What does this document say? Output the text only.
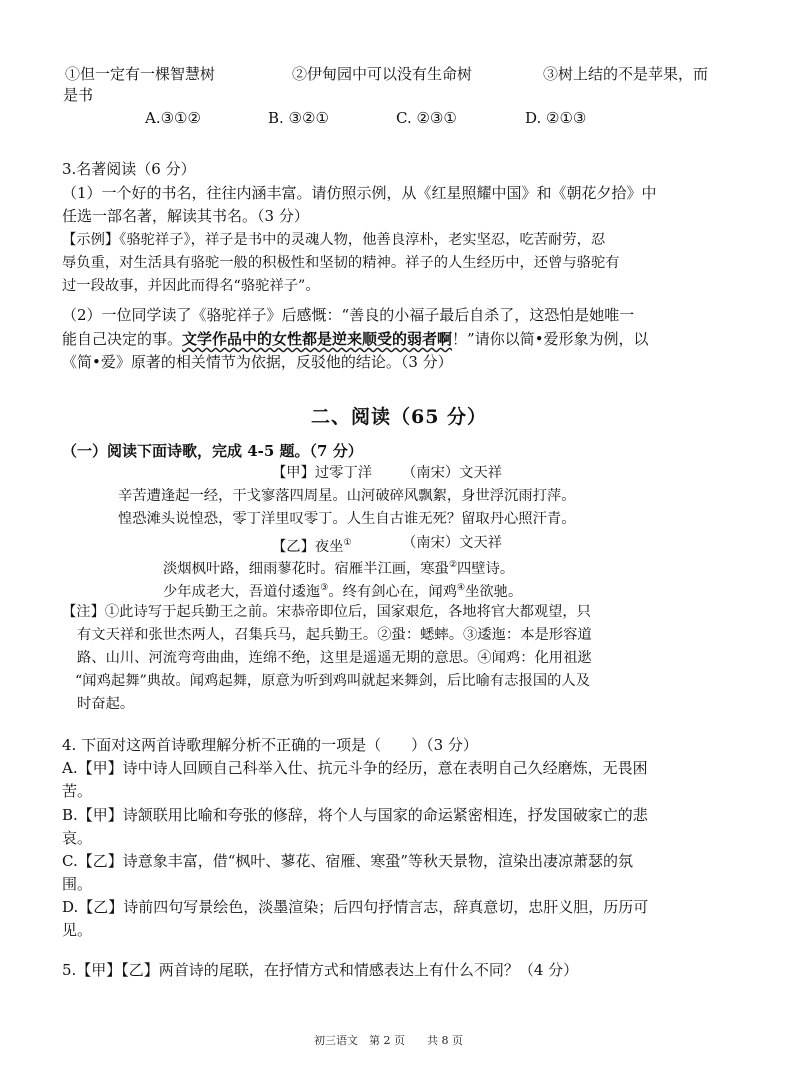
①但一定有一棵智慧树	②伊甸园中可以没有生命树	③树上结的不是苹果，而
是书
A.③①②	B. ③②①	C. ②③①	D. ②①③
3.名著阅读（6 分）
（1）一个好的书名，往往内涵丰富。请仿照示例，从《红星照耀中国》和《朝花夕拾》中
任选一部名著，解读其书名。（3 分）
【示例】《骆驼祥子》，祥子是书中的灵魂人物，他善良淳朴，老实坚忍，吃苦耐劳，忍
辱负重，对生活具有骆驼一般的积极性和坚韧的精神。祥子的人生经历中，还曾与骆驼有
过一段故事，并因此而得名“骆驼祥子”。
（2）一位同学读了《骆驼祥子》后感慨：“善良的小福子最后自杀了，这恐怕是她唯一
能自己决定的事。文学作品中的女性都是逆来顺受的弱者啊！”请你以简•爱形象为例，以
《简•爱》原著的相关情节为依据，反驳他的结论。（3 分）
二、阅读（65 分）
（一）阅读下面诗歌，完成 4-5 题。（7 分）
【甲】过零丁洋 （南宋）文天祥
辛苦遭逢起一经，干戈寥落四周星。山河破碎风飘絮，身世浮沉雨打萍。
惶恐滩头说惶恐，零丁洋里叹零丁。人生自古谁无死？留取丹心照汗青。
【乙】夜坐①	（南宋）文天祥
淡烟枫叶路，细雨蓼花时。宿雁半江画，寒蛩②四壁诗。
少年成老大，吾道付逶迤③。终有剑心在，闻鸡④坐欲驰。
【注】①此诗写于起兵勤王之前。宋恭帝即位后，国家艰危，各地将官大都观望，只
有文天祥和张世杰两人，召集兵马，起兵勤王。②蛩：蟋蟀。③逶迤：本是形容道
路、山川、河流弯弯曲曲，连绵不绝，这里是遥遥无期的意思。④闻鸡：化用祖逖
“闻鸡起舞”典故。闻鸡起舞，原意为听到鸡叫就起来舞剑，后比喻有志报国的人及
时奋起。
4. 下面对这两首诗歌理解分析不正确的一项是（　　）（3 分）
A.【甲】诗中诗人回顾自己科举入仕、抗元斗争的经历，意在表明自己久经磨炼，无畏困
苦。
B.【甲】诗颔联用比喻和夸张的修辞，将个人与国家的命运紧密相连，抒发国破家亡的悲
哀。
C.【乙】诗意象丰富，借“枫叶、蓼花、宿雁、寒蛩”等秋天景物，渲染出凄凉萧瑟的氛
围。
D.【乙】诗前四句写景绘色，淡墨渲染；后四句抒情言志，辞真意切，忠肝义胆，历历可
见。
5.【甲】【乙】两首诗的尾联，在抒情方式和情感表达上有什么不同？（4 分）
初三语文　第 2 页　　共 8 页
